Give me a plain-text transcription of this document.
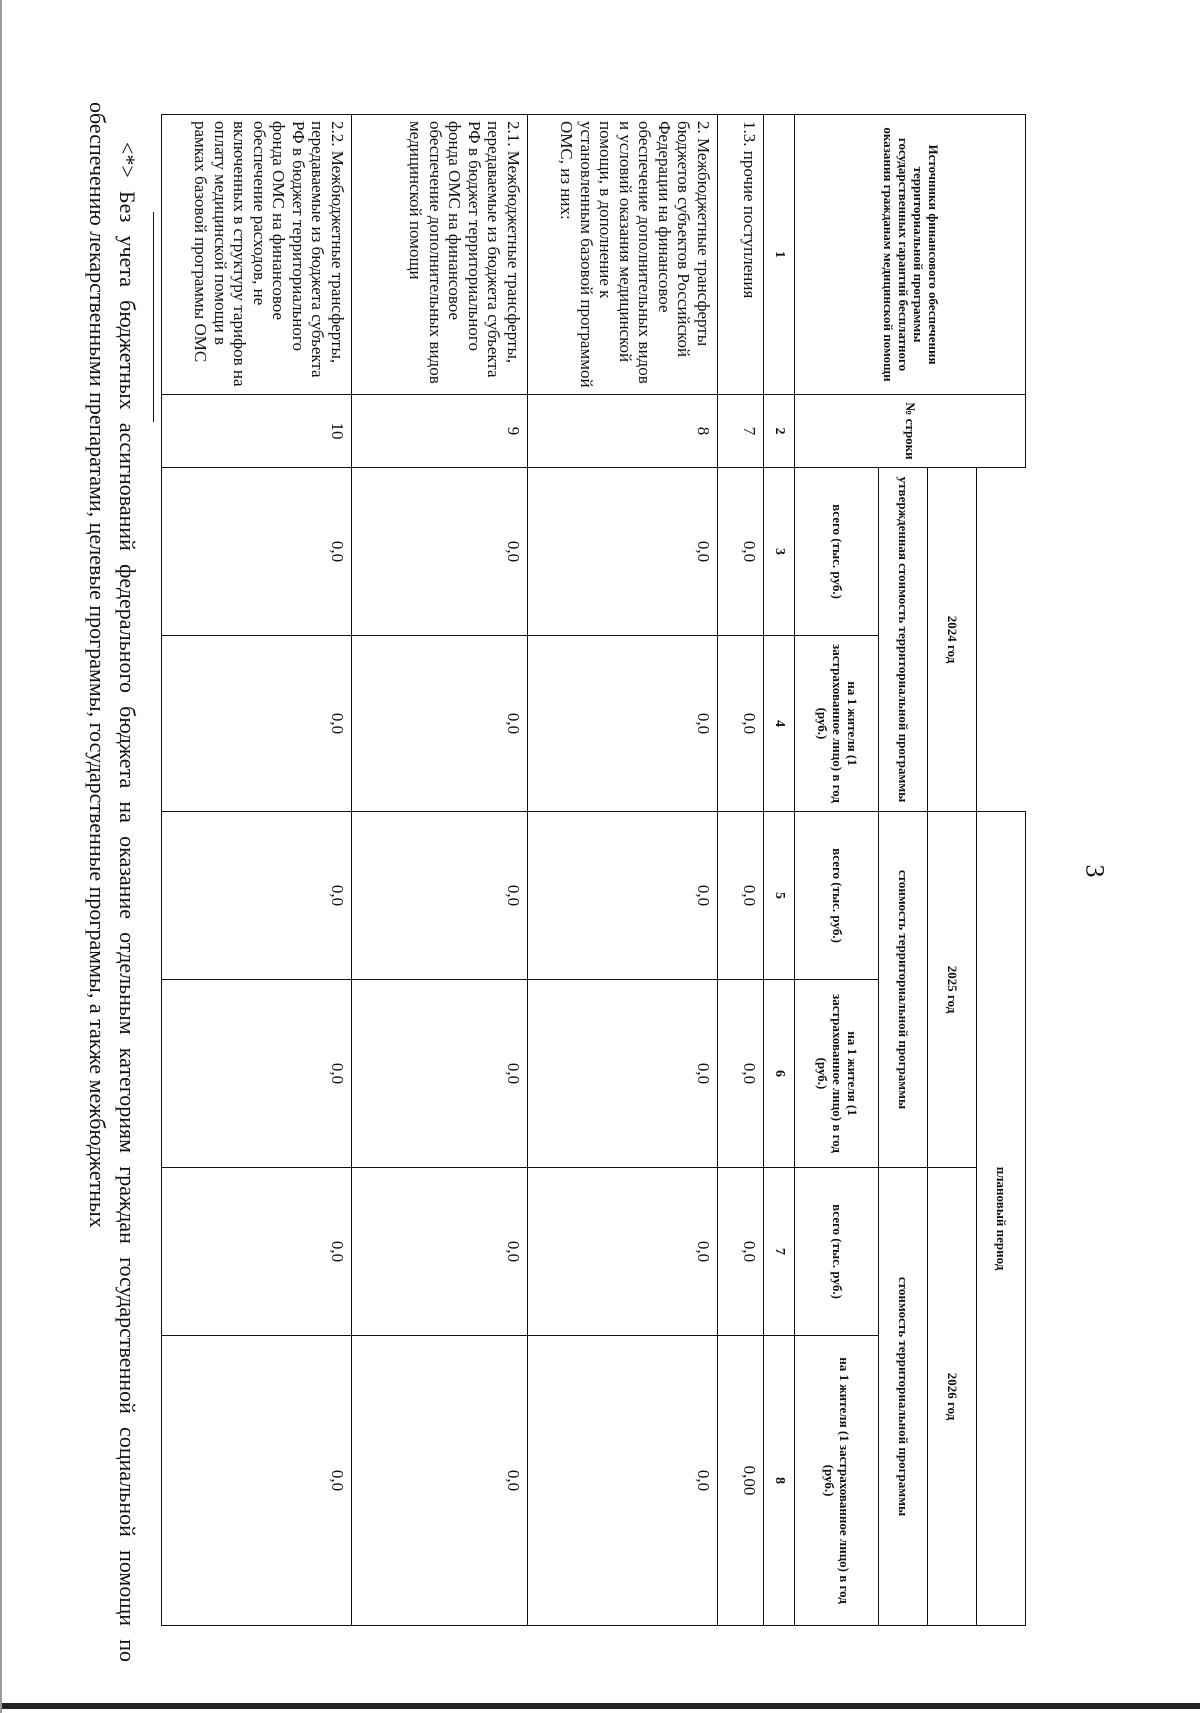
3
Источники финансового обеспечения территориальной программы государственных гарантий бесплатного оказания гражданам медицинской помощи	№ строки			плановый период			
		2024 год		2025 год		2026 год	
		утвержденная стоимость территориальной программы		стоимость территориальной программы		стоимость территориальной программы	
		всего (тыс. руб.)	на 1 жителя (1 застрахованное лицо) в год (руб.)	всего (тыс. руб.)	на 1 жителя (1 застрахованное лицо) в год (руб.)	всего (тыс. руб.)	на 1 жителя (1 застрахованное лицо) в год (руб.)
1	2	3	4	5	6	7	8
1.3. прочие поступления	7	0,0	0,0	0,0	0,0	0,0	0,00
2. Межбюджетные трансферты бюджетов субъектов Российской Федерации на финансовое обеспечение дополнительных видов и условий оказания медицинской помощи, в дополнение к установленным базовой программой ОМС, из них:	8	0,0	0,0	0,0	0,0	0,0	0,0
2.1. Межбюджетные трансферты, передаваемые из бюджета субъекта РФ в бюджет территориального фонда ОМС на финансовое обеспечение дополнительных видов медицинской помощи	9	0,0	0,0	0,0	0,0	0,0	0,0
2.2. Межбюджетные трансферты, передаваемые из бюджета субъекта РФ в бюджет территориального фонда ОМС на финансовое обеспечение расходов, не включенных в структуру тарифов на оплату медицинской помощи в рамках базовой программы ОМС	10	0,0	0,0	0,0	0,0	0,0	0,0
<*> Без учета бюджетных ассигнований федерального бюджета на оказание отдельным категориям граждан государственной социальной помощи по обеспечению лекарственными препаратами, целевые программы, государственные программы, а также межбюджетных
